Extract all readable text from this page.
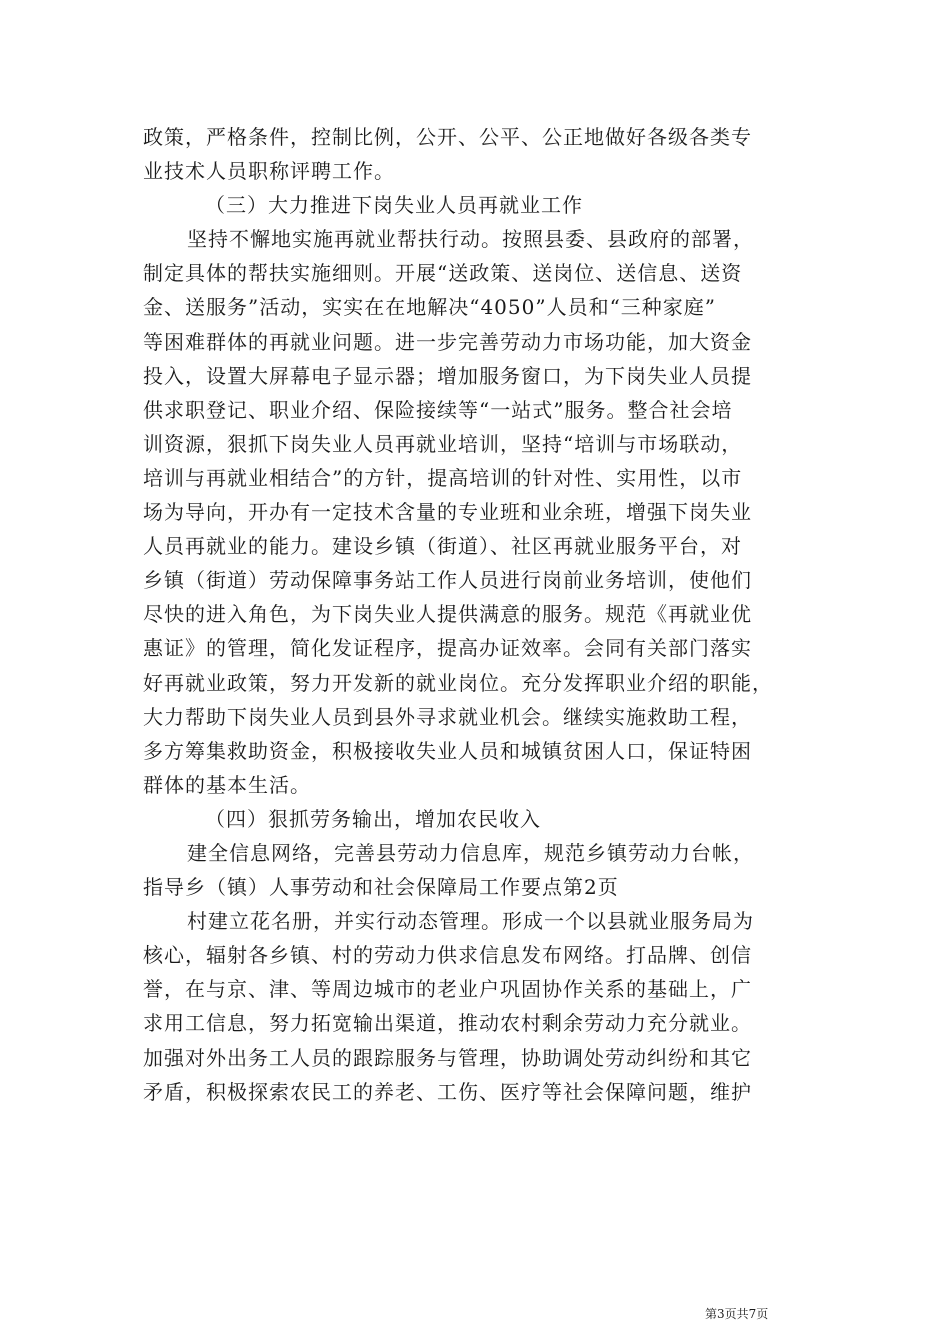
政策，严格条件，控制比例，公开、公平、公正地做好各级各类专
业技术人员职称评聘工作。
（三）大力推进下岗失业人员再就业工作
坚持不懈地实施再就业帮扶行动。按照县委、县政府的部署，
制定具体的帮扶实施细则。开展“送政策、送岗位、送信息、送资
金、送服务”活动，实实在在地解决“4050”人员和“三种家庭”
等困难群体的再就业问题。进一步完善劳动力市场功能，加大资金
投入，设置大屏幕电子显示器；增加服务窗口，为下岗失业人员提
供求职登记、职业介绍、保险接续等“一站式”服务。整合社会培
训资源，狠抓下岗失业人员再就业培训，坚持“培训与市场联动，
培训与再就业相结合”的方针，提高培训的针对性、实用性，以市
场为导向，开办有一定技术含量的专业班和业余班，增强下岗失业
人员再就业的能力。建设乡镇（街道）、社区再就业服务平台，对
乡镇（街道）劳动保障事务站工作人员进行岗前业务培训，使他们
尽快的进入角色，为下岗失业人提供满意的服务。规范《再就业优
惠证》的管理，简化发证程序，提高办证效率。会同有关部门落实
好再就业政策，努力开发新的就业岗位。充分发挥职业介绍的职能，
大力帮助下岗失业人员到县外寻求就业机会。继续实施救助工程，
多方筹集救助资金，积极接收失业人员和城镇贫困人口，保证特困
群体的基本生活。
（四）狠抓劳务输出，增加农民收入
建全信息网络，完善县劳动力信息库，规范乡镇劳动力台帐，
指导乡（镇）人事劳动和社会保障局工作要点第2页
村建立花名册，并实行动态管理。形成一个以县就业服务局为
核心，辐射各乡镇、村的劳动力供求信息发布网络。打品牌、创信
誉，在与京、津、等周边城市的老业户巩固协作关系的基础上，广
求用工信息，努力拓宽输出渠道，推动农村剩余劳动力充分就业。
加强对外出务工人员的跟踪服务与管理，协助调处劳动纠纷和其它
矛盾，积极探索农民工的养老、工伤、医疗等社会保障问题，维护
第3页共7页
